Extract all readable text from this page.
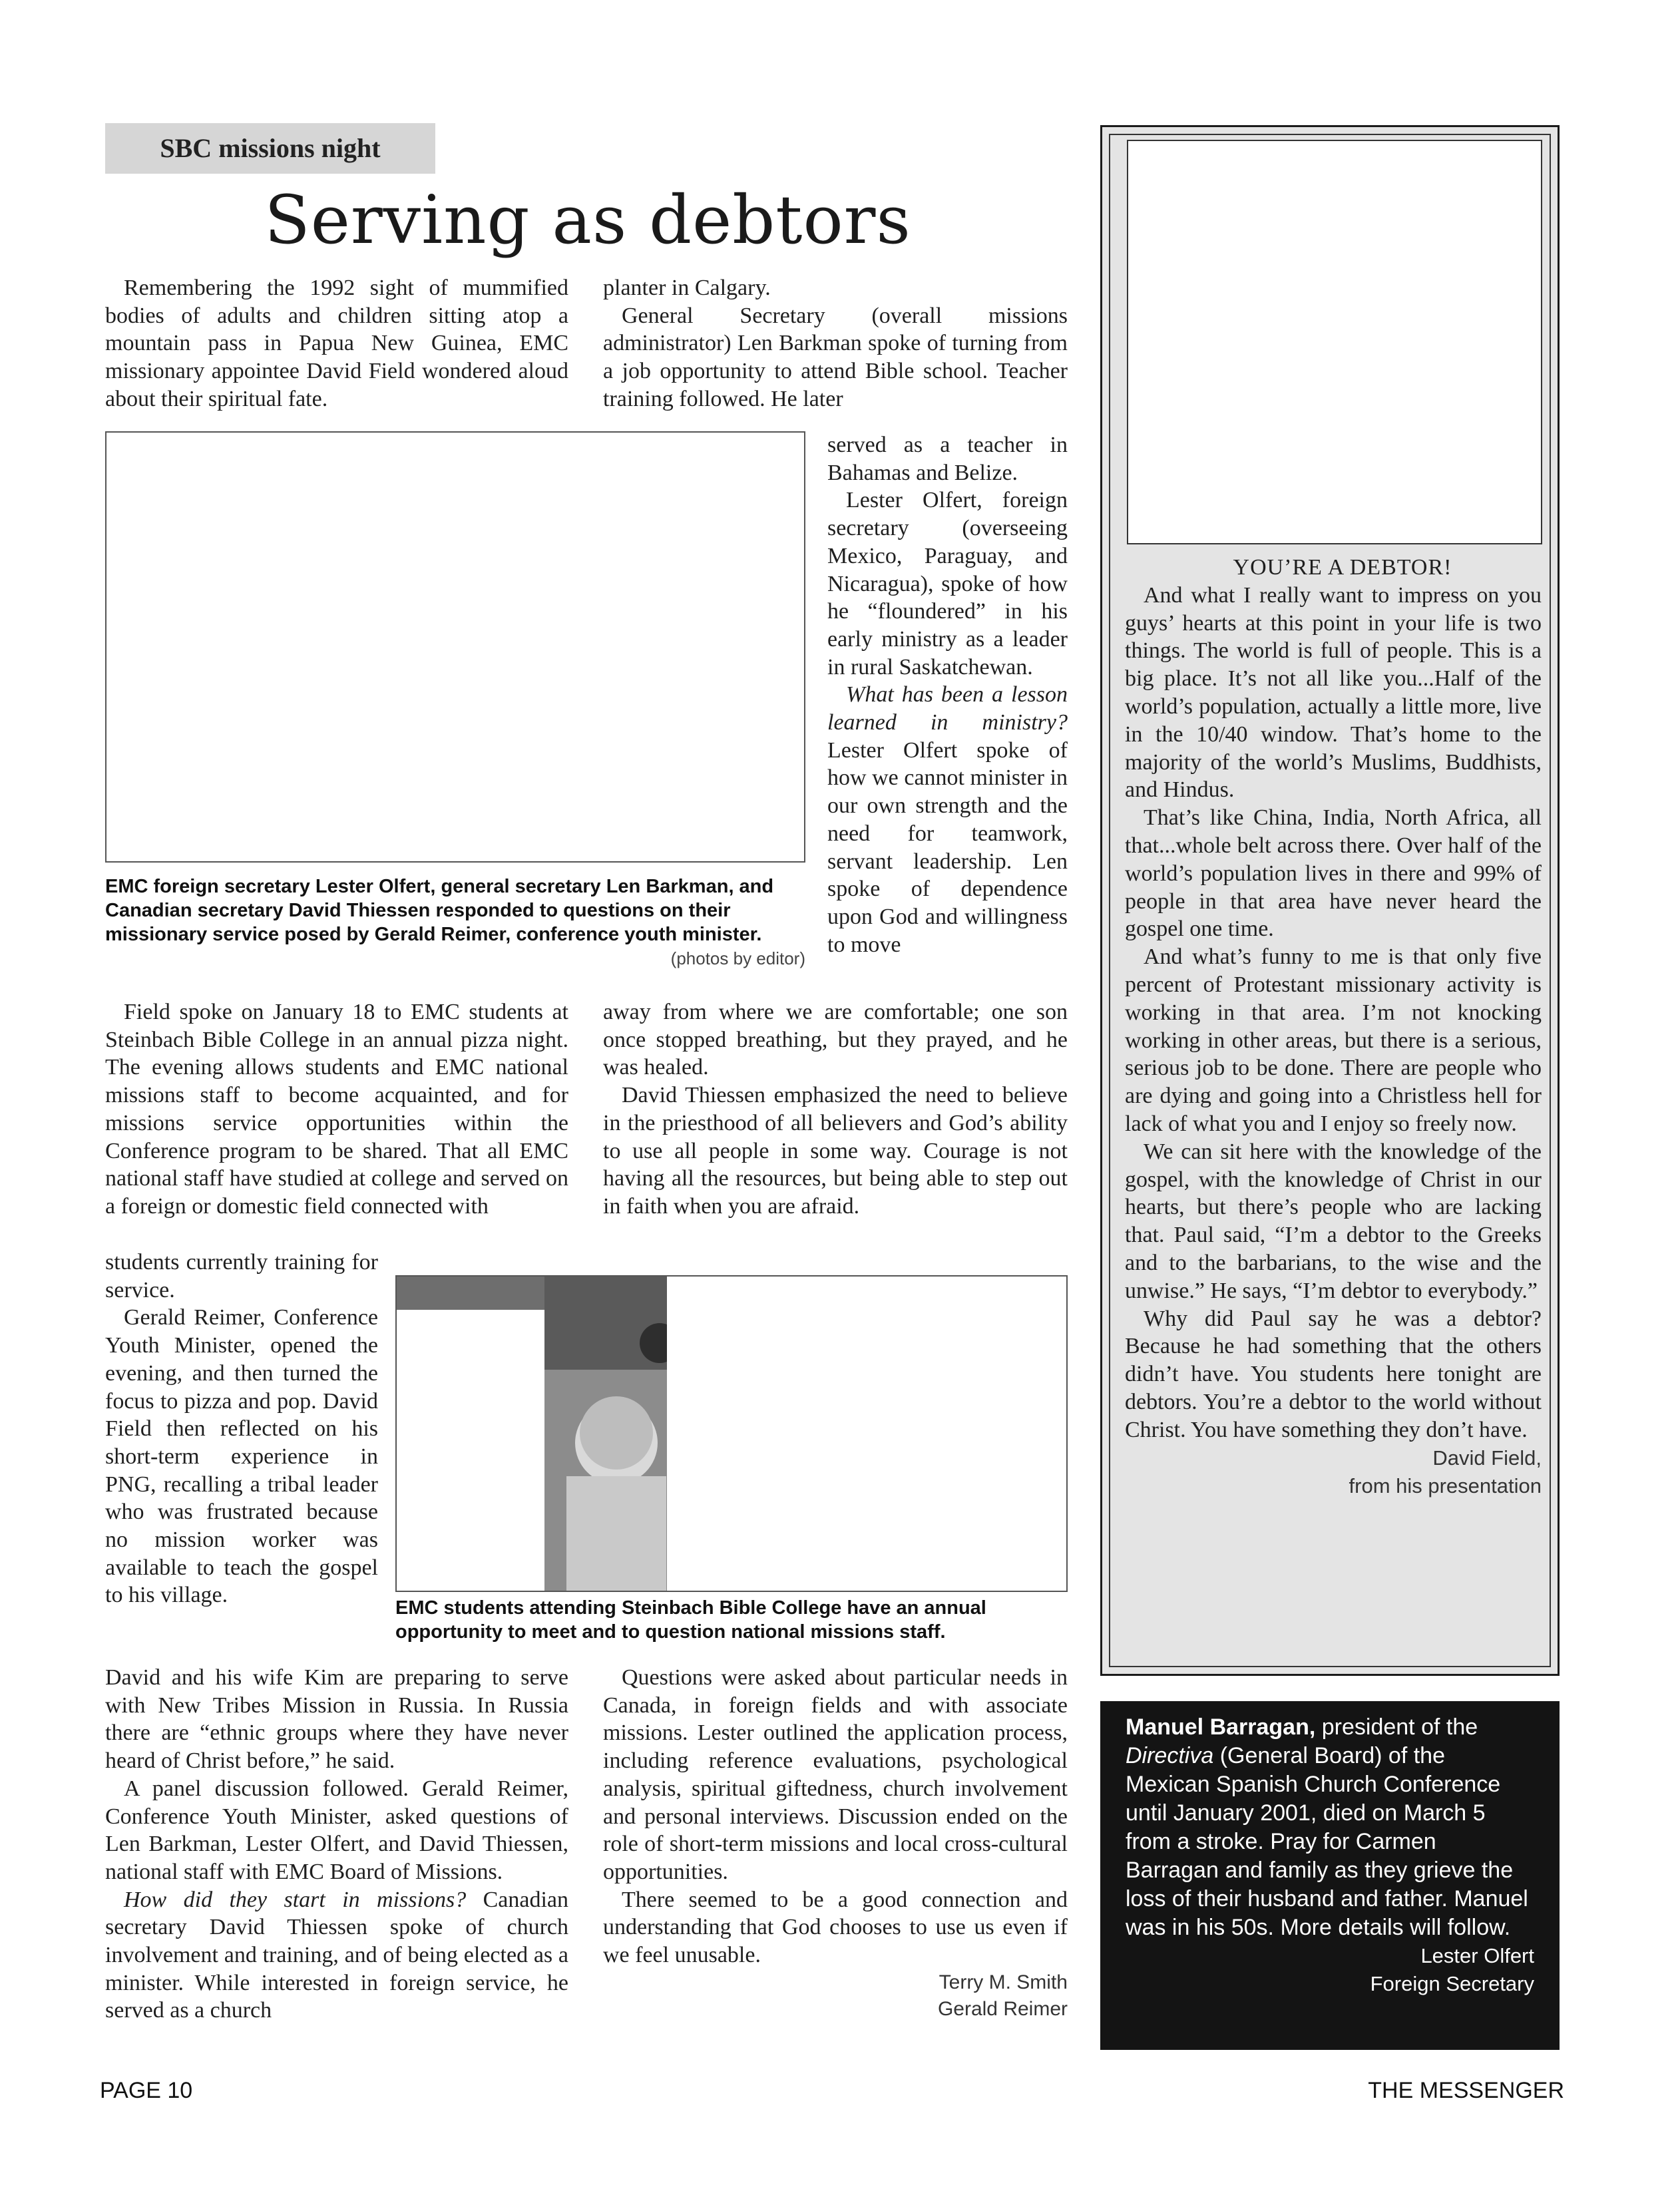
SBC missions night
Serving as debtors

Remembering the 1992 sight of mummified bodies of adults and children sitting atop a mountain pass in Papua New Guinea, EMC missionary appointee David Field wondered aloud about their spiritual fate.

planter in Calgary.

General Secretary (overall missions administrator) Len Barkman spoke of turning from a job opportunity to attend Bible school. Teacher training followed. He later

served as a teacher in Bahamas and Belize.

Lester Olfert, foreign secretary (overseeing Mexico, Paraguay, and Nicaragua), spoke of how he “floundered” in his early ministry as a leader in rural Saskatchewan.

What has been a lesson learned in ministry? Lester Olfert spoke of how we cannot minister in our own strength and the need for teamwork, servant leadership. Len spoke of dependence upon God and willingness to move

EMC foreign secretary Lester Olfert, general secretary Len Barkman, and Canadian secretary David Thiessen responded to questions on their missionary service posed by Gerald Reimer, conference youth minister.
(photos by editor)

Field spoke on January 18 to EMC students at Steinbach Bible College in an annual pizza night. The evening allows students and EMC national missions staff to become acquainted, and for missions service opportunities within the Conference program to be shared. That all EMC national staff have studied at college and served on a foreign or domestic field connected with

away from where we are comfortable; one son once stopped breathing, but they prayed, and he was healed.

David Thiessen emphasized the need to believe in the priesthood of all believers and God’s ability to use all people in some way. Courage is not having all the resources, but being able to step out in faith when you are afraid.

students currently training for service.

Gerald Reimer, Conference Youth Minister, opened the evening, and then turned the focus to pizza and pop. David Field then reflected on his short-term experience in PNG, recalling a tribal leader who was frustrated because no mission worker was available to teach the gospel to his village.

EMC students attending Steinbach Bible College have an annual opportunity to meet and to question national missions staff.

David and his wife Kim are preparing to serve with New Tribes Mission in Russia. In Russia there are “ethnic groups where they have never heard of Christ before,” he said.

A panel discussion followed. Gerald Reimer, Conference Youth Minister, asked questions of Len Barkman, Lester Olfert, and David Thiessen, national staff with EMC Board of Missions.

How did they start in missions? Canadian secretary David Thiessen spoke of church involvement and training, and of being elected as a minister. While interested in foreign service, he served as a church

Questions were asked about particular needs in Canada, in foreign fields and with associate missions. Lester outlined the application process, including reference evaluations, psychological analysis, spiritual giftedness, church involvement and personal interviews. Discussion ended on the role of short-term missions and local cross-cultural opportunities.

There seemed to be a good connection and understanding that God chooses to use us even if we feel unusable.

Terry M. Smith

Gerald Reimer

YOU’RE A DEBTOR!

And what I really want to impress on you guys’ hearts at this point in your life is two things. The world is full of people. This is a big place. It’s not all like you...Half of the world’s population, actually a little more, live in the 10/40 window. That’s home to the majority of the world’s Muslims, Buddhists, and Hindus.

That’s like China, India, North Africa, all that...whole belt across there. Over half of the world’s population lives in there and 99% of people in that area have never heard the gospel one time.

And what’s funny to me is that only five percent of Protestant missionary activity is working in that area. I’m not knocking working in other areas, but there is a serious, serious job to be done. There are people who are dying and going into a Christless hell for lack of what you and I enjoy so freely now.

We can sit here with the knowledge of the gospel, with the knowledge of Christ in our hearts, but there’s people who are lacking that. Paul said, “I’m a debtor to the Greeks and to the barbarians, to the wise and the unwise.” He says, “I’m debtor to everybody.”

Why did Paul say he was a debtor? Because he had something that the others didn’t have. You students here tonight are debtors. You’re a debtor to the world without Christ. You have something they don’t have.

David Field,
from his presentation
Manuel Barragan, president of the Directiva (General Board) of the Mexican Spanish Church Conference until January 2001, died on March 5 from a stroke. Pray for Carmen Barragan and family as they grieve the loss of their husband and father. Manuel was in his 50s. More details will follow.
Lester Olfert
Foreign Secretary
PAGE 10	THE MESSENGER
